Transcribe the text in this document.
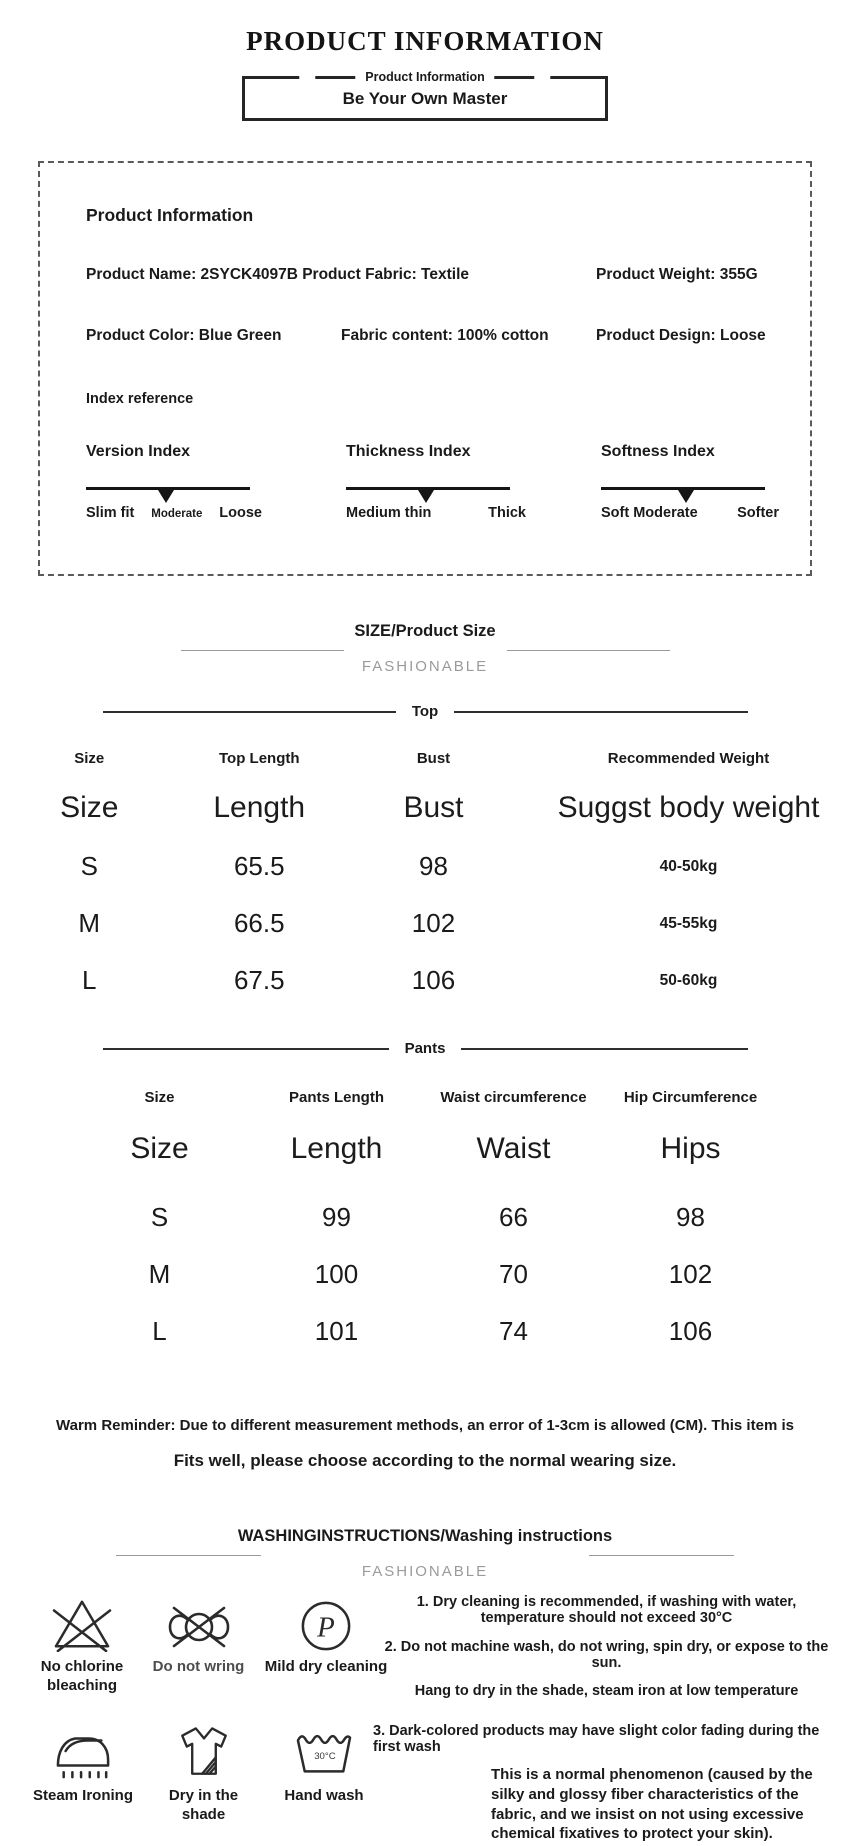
PRODUCT INFORMATION
Product Information
Be Your Own Master
Product Information
Product Name: 2SYCK4097B Product Fabric: Textile	Product Weight: 355G
Product Color: Blue Green	Fabric content: 100% cotton	Product Design: Loose
Index reference
Version Index
Slim fit Moderate Loose
Thickness Index
Medium thin	Thick
Softness Index
Soft Moderate	Softer
SIZE/Product Size
FASHIONABLE
Top
Size	Top Length	Bust	Recommended Weight
Size	Length	Bust	Suggst body weight
S	65.5	98	40-50kg
M	66.5	102	45-55kg
L	67.5	106	50-60kg
Pants
Size	Pants Length	Waist circumference	Hip Circumference
Size	Length	Waist	Hips
S	99	66	98
M	100	70	102
L	101	74	106
Warm Reminder: Due to different measurement methods, an error of 1-3cm is allowed (CM). This item is
Fits well, please choose according to the normal wearing size.
WASHINGINSTRUCTIONS/Washing instructions
FASHIONABLE
No chlorine bleaching
Do not wring
P
Mild dry cleaning
1. Dry cleaning is recommended, if washing with water, temperature should not exceed 30°C
2. Do not machine wash, do not wring, spin dry, or expose to the sun.
Hang to dry in the shade, steam iron at low temperature
Steam Ironing	Dry in the shade
30°C
Hand wash
3. Dark-colored products may have slight color fading during the first wash
This is a normal phenomenon (caused by the silky and glossy fiber characteristics of the fabric, and we insist on not using excessive chemical fixatives to protect your skin).
